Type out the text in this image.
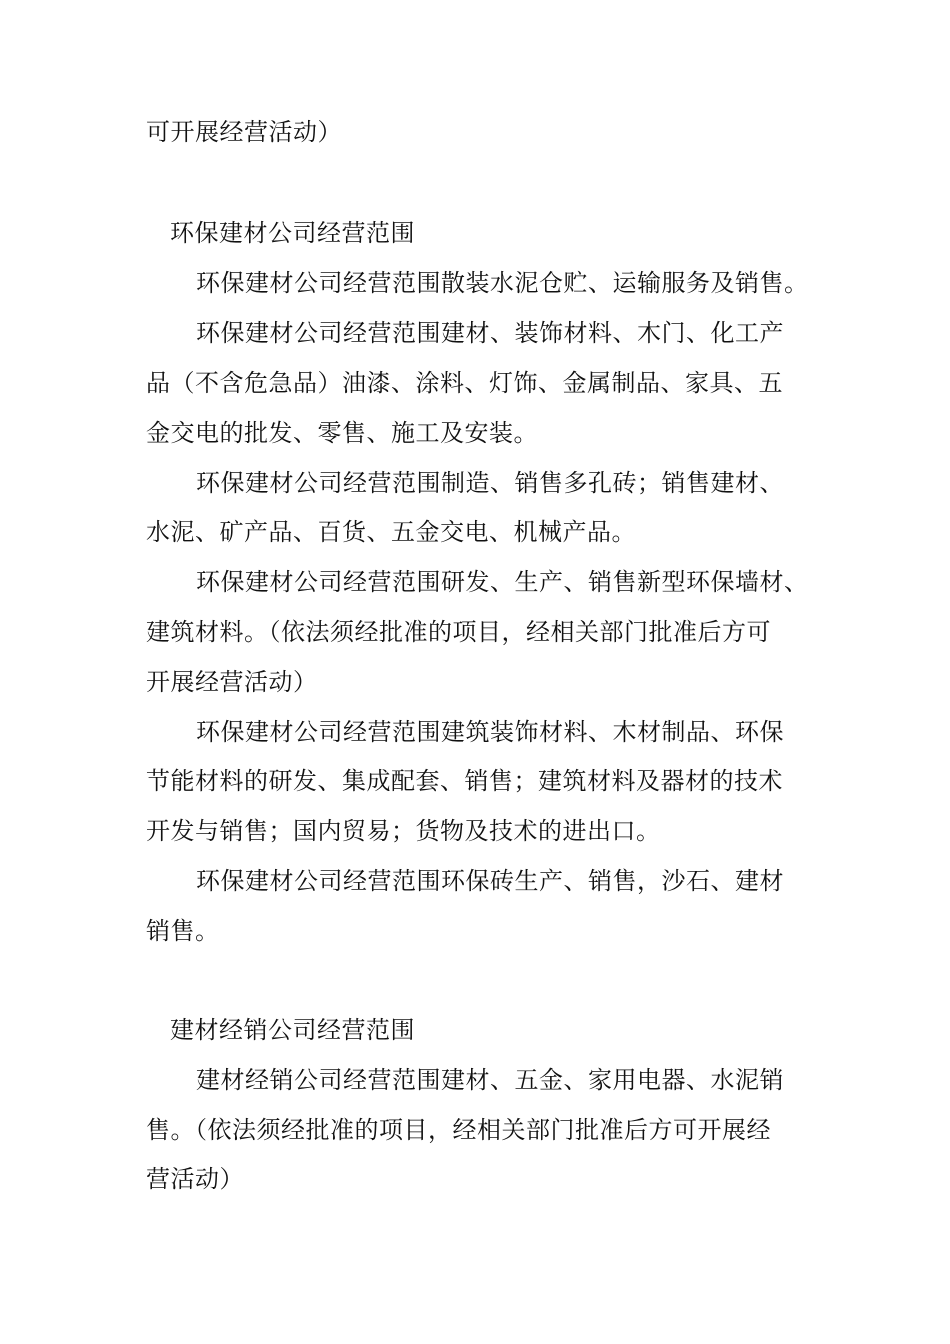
可开展经营活动）
环保建材公司经营范围
环保建材公司经营范围散装水泥仓贮、运输服务及销售。
环保建材公司经营范围建材、装饰材料、木门、化工产
品（不含危急品）油漆、涂料、灯饰、金属制品、家具、五
金交电的批发、零售、施工及安装。
环保建材公司经营范围制造、销售多孔砖；销售建材、
水泥、矿产品、百货、五金交电、机械产品。
环保建材公司经营范围研发、生产、销售新型环保墙材、
建筑材料。（依法须经批准的项目，经相关部门批准后方可
开展经营活动）
环保建材公司经营范围建筑装饰材料、木材制品、环保
节能材料的研发、集成配套、销售；建筑材料及器材的技术
开发与销售；国内贸易；货物及技术的进出口。
环保建材公司经营范围环保砖生产、销售，沙石、建材
销售。
建材经销公司经营范围
建材经销公司经营范围建材、五金、家用电器、水泥销
售。（依法须经批准的项目，经相关部门批准后方可开展经
营活动）
